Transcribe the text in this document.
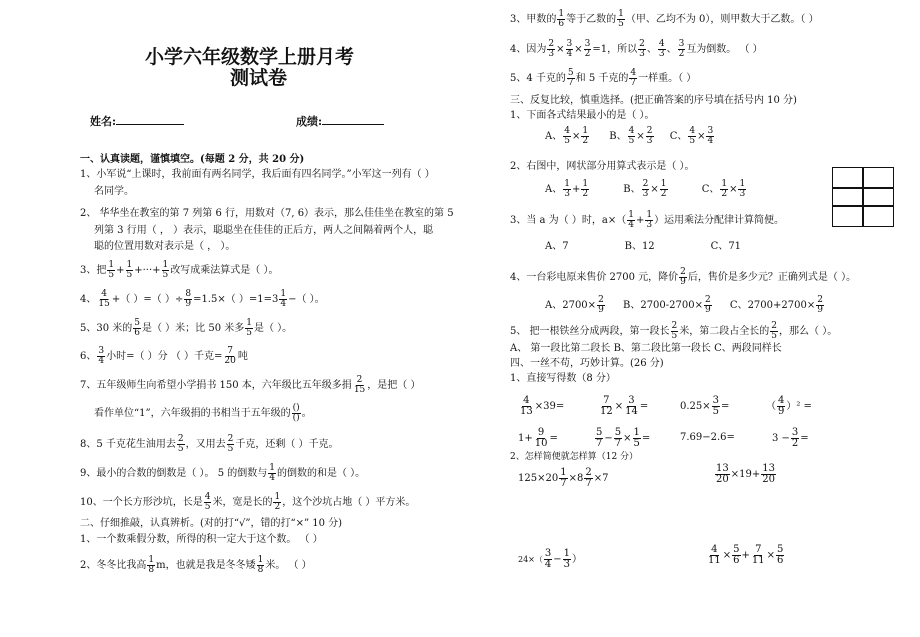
小学六年级数学上册月考
测试卷
姓名:	成绩:
一、认真读题，谨慎填空。(每题 2 分，共 20 分)
1、小军说“上课时，我前面有两名同学，我后面有四名同学。”小军这一列有（ ）
名同学。
2、 华华坐在教室的第 7 列第 6 行，用数对（7, 6）表示，那么佳佳坐在教室的第 5
列第 3 行用（ ， ）表示，聪聪坐在佳佳的正后方，两人之间隔着两个人，聪
聪的位置用数对表示是（ ， ）。
3、把 $\frac{1}{5} + \frac{1}{5}$ +···+ $\frac{1}{5}$ 改写成乘法算式是（ ）。
4、 $\frac{4}{15}$ +（ ）=（ ）÷ $\frac{8}{9} =1.5\times$（ ）$=1=3 \frac{1}{4}$ −（ ）。
5、30 米的 $\frac{5}{6}$ 是（ ）米；比 50 米多 $\frac{1}{5}$ 是（ ）。
6、 $\frac{3}{4}$ 小时=（ ）分 （ ）千克= $\frac{7}{20}$ 吨
7、五年级师生向希望小学捐书 150 本，六年级比五年级多捐 $\frac{2}{15}$ ，是把（ ）
看作单位“1”，六年级捐的书相当于五年级的 $\frac{()}{()}$ 。
8、5 千克花生油用去 $\frac{2}{5}$ ，又用去 $\frac{2}{5}$ 千克，还剩（ ）千克。
9、最小的合数的倒数是（ ）。 5 的倒数与 $\frac{1}{4}$ 的倒数的和是（ ）。
10、一个长方形沙坑，长是 $\frac{4}{5}$ 米，宽是长的 $\frac{1}{2}$ ，这个沙坑占地（ ）平方米。
二、仔细推敲，认真辨析。(对的打“√”，错的打“×” 10 分)
1、一个数乘假分数，所得的积一定大于这个数。 （ ）
2、冬冬比我高 $\frac{1}{8}$ m，也就是我是冬冬矮 $\frac{1}{8}$ 米。 （ ）
3、甲数的 $\frac{1}{6}$ 等于乙数的 $\frac{1}{5}$ （甲、乙均不为 0），则甲数大于乙数。（ ）
4、因为 $\frac{2}{3} \times \frac{3}{4} \times \frac{3}{2} =1$，所以 $\frac{2}{3}$ 、 $\frac{4}{3}$ 、 $\frac{3}{2}$ 互为倒数。 （ ）
5、4 千克的 $\frac{5}{7}$ 和 5 千克的 $\frac{4}{7}$ 一样重。（ ）
三、反复比较，慎重选择。(把正确答案的序号填在括号内 10 分)
1、下面各式结果最小的是（ ）。
A、 $\frac{4}{5} \times \frac{1}{2}$ B、 $\frac{4}{5} \times \frac{2}{3}$ C、 $\frac{4}{5} \times \frac{3}{4}$
2、右图中，网状部分用算式表示是（ ）。
A、 $\frac{1}{3} + \frac{1}{2}$	B、 $\frac{2}{3} \times \frac{1}{2}$	C、 $\frac{1}{2} \times \frac{1}{3}$
3、当 a 为（ ）时，$a\times( \frac{1}{4} + \frac{1}{3}$ ）运用乘法分配律计算简便。
A、7	B、12	C、71
4、一台彩电原来售价 2700 元，降价 $\frac{2}{9}$ 后，售价是多少元？正确列式是（ ）。
A、$2700\times \frac{2}{9}$ B、$2700-2700\times \frac{2}{9}$ C、$2700+2700\times \frac{2}{9}$
5、 把一根铁丝分成两段，第一段长 $\frac{2}{5}$ 米，第二段占全长的 $\frac{2}{5}$ ，那么（ ）。
A、 第一段比第二段长 B、第二段比第一段长 C、两段同样长
四、一丝不苟，巧妙计算。(26 分)
1、直接写得数（8 分）
$\frac{4}{13} \times 39=$	$\frac{7}{12} \times \frac{3}{14}$ =	$0.25\times \frac{3}{5}$ =	（ $\frac{4}{9} )^2$ =
$1+ \frac{9}{10}$ =	$\frac{5}{7} - \frac{5}{7} \times \frac{1}{5}$ =	7.69−2.6=	$3 - \frac{3}{2}$ =
2、怎样简便就怎样算（12 分）
$125\times 20 \frac{1}{7} \times 8 \frac{2}{7} \times 7$	$\frac{13}{20} \times 19+ \frac{13}{20}$
$24\times( \frac{3}{4} - \frac{1}{3}$ ）	$\frac{4}{11} \times \frac{5}{6} + \frac{7}{11} \times \frac{5}{6}$
